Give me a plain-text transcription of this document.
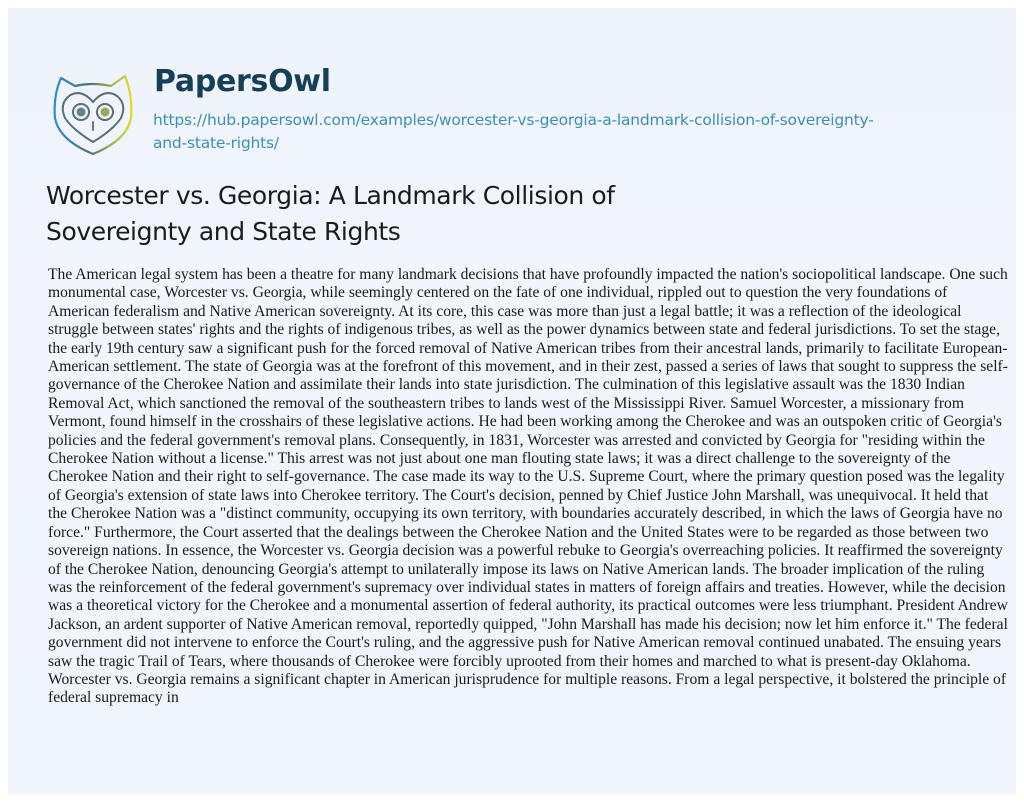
PapersOwl
https://hub.papersowl.com/examples/worcester-vs-georgia-a-landmark-collision-of-sovereignty-and-state-rights/
Worcester vs. Georgia: A Landmark Collision of Sovereignty and State Rights

The American legal system has been a theatre for many landmark decisions that have profoundly impacted the nation's sociopolitical landscape. One such monumental case, Worcester vs. Georgia, while seemingly centered on the fate of one individual, rippled out to question the very foundations of American federalism and Native American sovereignty. At its core, this case was more than just a legal battle; it was a reflection of the ideological struggle between states' rights and the rights of indigenous tribes, as well as the power dynamics between state and federal jurisdictions. To set the stage, the early 19th century saw a significant push for the forced removal of Native American tribes from their ancestral lands, primarily to facilitate European-American settlement. The state of Georgia was at the forefront of this movement, and in their zest, passed a series of laws that sought to suppress the self-governance of the Cherokee Nation and assimilate their lands into state jurisdiction. The culmination of this legislative assault was the 1830 Indian Removal Act, which sanctioned the removal of the southeastern tribes to lands west of the Mississippi River. Samuel Worcester, a missionary from Vermont, found himself in the crosshairs of these legislative actions. He had been working among the Cherokee and was an outspoken critic of Georgia's policies and the federal government's removal plans. Consequently, in 1831, Worcester was arrested and convicted by Georgia for "residing within the Cherokee Nation without a license." This arrest was not just about one man flouting state laws; it was a direct challenge to the sovereignty of the Cherokee Nation and their right to self-governance. The case made its way to the U.S. Supreme Court, where the primary question posed was the legality of Georgia's extension of state laws into Cherokee territory. The Court's decision, penned by Chief Justice John Marshall, was unequivocal. It held that the Cherokee Nation was a "distinct community, occupying its own territory, with boundaries accurately described, in which the laws of Georgia have no force." Furthermore, the Court asserted that the dealings between the Cherokee Nation and the United States were to be regarded as those between two sovereign nations. In essence, the Worcester vs. Georgia decision was a powerful rebuke to Georgia's overreaching policies. It reaffirmed the sovereignty of the Cherokee Nation, denouncing Georgia's attempt to unilaterally impose its laws on Native American lands. The broader implication of the ruling was the reinforcement of the federal government's supremacy over individual states in matters of foreign affairs and treaties. However, while the decision was a theoretical victory for the Cherokee and a monumental assertion of federal authority, its practical outcomes were less triumphant. President Andrew Jackson, an ardent supporter of Native American removal, reportedly quipped, "John Marshall has made his decision; now let him enforce it." The federal government did not intervene to enforce the Court's ruling, and the aggressive push for Native American removal continued unabated. The ensuing years saw the tragic Trail of Tears, where thousands of Cherokee were forcibly uprooted from their homes and marched to what is present-day Oklahoma. Worcester vs. Georgia remains a significant chapter in American jurisprudence for multiple reasons. From a legal perspective, it bolstered the principle of federal supremacy in
